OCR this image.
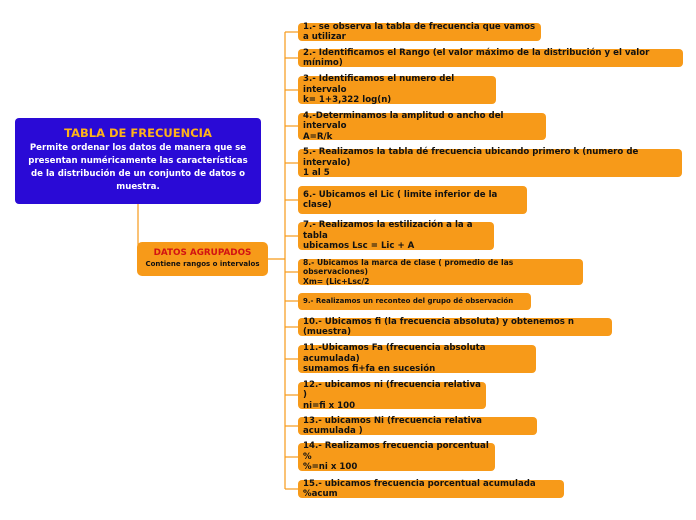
TABLA DE FRECUENCIA
Permite ordenar los datos de manera que se presentan numéricamente las características de la distribución de un conjunto de datos o muestra.
DATOS AGRUPADOS
Contiene rangos o intervalos
1.- se observa la tabla de frecuencia que vamos a utilizar
2.- Identificamos el Rango (el valor máximo de la distribución y el valor mínimo)
3.- Identificamos el numero del intervalo
k= 1+3,322 log(n)
4.-Determinamos la amplitud o ancho del intervalo
A=R/k
5.- Realizamos la tabla dé frecuencia ubicando primero k (numero de intervalo)
1 al 5
6.- Ubicamos el Lic ( limite inferior de la
clase)
7.- Realizamos la estilización a la a tabla
ubicamos Lsc = Lic + A
8.- Ubicamos la marca de clase ( promedio de las observaciones)
Xm= (Lic+Lsc/2
9.- Realizamos un reconteo del grupo dé observación
10.- Ubicamos fi (la frecuencia absoluta) y obtenemos n (muestra)
11.-Ubicamos Fa (frecuencia absoluta acumulada)
sumamos fi+fa en sucesión
12.- ubicamos ni (frecuencia relativa )
ni=fi x 100
13.- ubicamos Ni (frecuencia relativa acumulada )
14.- Realizamos frecuencia porcentual %
%=ni x 100
15.- ubicamos frecuencia porcentual acumulada %acum
